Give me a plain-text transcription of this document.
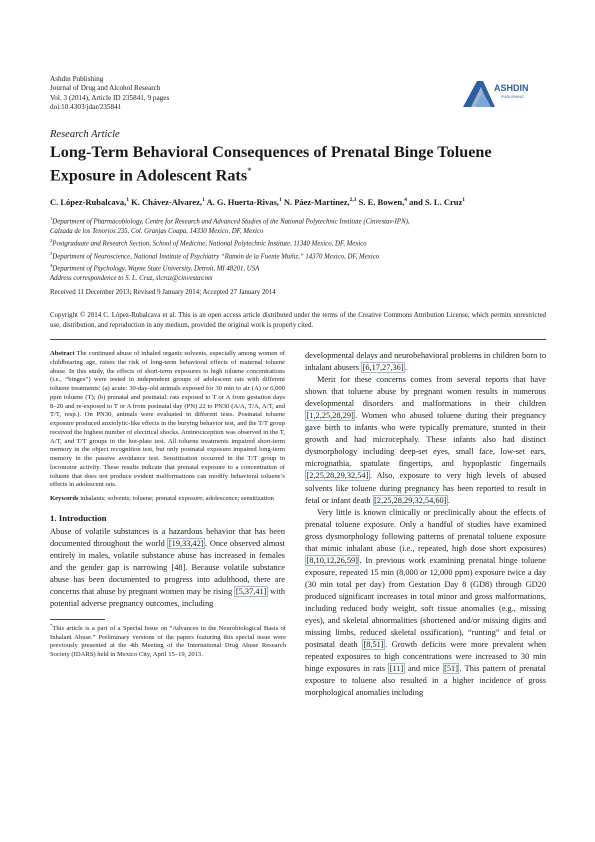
Ashdin Publishing
Journal of Drug and Alcohol Research
Vol. 3 (2014), Article ID 235841, 9 pages
doi:10.4303/jdar/235841
ASHDIN
PUBLISHING
Research Article
Long-Term Behavioral Consequences of Prenatal Binge Toluene Exposure in Adolescent Rats*
C. López-Rubalcava,$^1$ K. Chávez-Alvarez,$^1$ A. G. Huerta-Rivas,$^1$ N. Páez-Martínez,$^{2,3}$ S. E. Bowen,$^4$ and S. L. Cruz$^1$
$^1$Department of Pharmacobiology, Centre for Research and Advanced Studies of the National Polytechnic Institute (Cinvestav-IPN),
Calzada de los Tenorios 235, Col. Granjas Coapa, 14330 Mexico, DF, Mexico
$^2$Postgraduate and Research Section, School of Medicine, National Polytechnic Institute, 11340 Mexico, DF, Mexico
$^3$Department of Neuroscience, National Institute of Psychiatry “Ramón de la Fuente Muñiz,” 14370 Mexico, DF, Mexico
$^4$Department of Psychology, Wayne State University, Detroit, MI 48201, USA
Address correspondence to S. L. Cruz, slcruz@cinvestav.mx
Received 11 December 2013; Revised 9 January 2014; Accepted 27 January 2014
Copyright © 2014 C. López-Rubalcava et al. This is an open access article distributed under the terms of the Creative Commons Attribution License, which permits unrestricted use, distribution, and reproduction in any medium, provided the original work is properly cited.

Abstract The continued abuse of inhaled organic solvents, especially among women of childbearing age, raises the risk of long-term behavioral effects of maternal toluene abuse. In this study, the effects of short-term exposures to high toluene concentrations (i.e., “binges”) were tested in independent groups of adolescent rats with different toluene treatments: (a) acute: 30-day-old animals exposed for 30 min to air (A) or 6,000 ppm toluene (T); (b) prenatal and postnatal: rats exposed to T or A from gestation days 8–20 and re-exposed to T or A from postnatal day (PN) 22 to PN30 (A/A, T/A, A/T, and T/T, resp.). On PN30, animals were evaluated in different tests. Postnatal toluene exposure produced anxiolytic-like effects in the burying behavior test, and the T/T group received the highest number of electrical shocks. Antinociception was observed in the T, A/T, and T/T groups in the hot-plate test. All toluene treatments impaired short-term memory in the object recognition test, but only postnatal exposure impaired long-term memory in the passive avoidance test. Sensitization occurred in the T/T group in locomotor activity. These results indicate that prenatal exposure to a concentration of toluene that does not produce evident malformations can modify behavioral toluene’s effects in adolescent rats.

Keywords inhalants; solvents; toluene; prenatal exposure; adolescence; sensitization

1. Introduction

Abuse of volatile substances is a hazardous behavior that has been documented throughout the world [19,33,42] . Once observed almost entirely in males, volatile substance abuse has increased in females and the gender gap is narrowing [48]. Because volatile substance abuse has been documented to progress into adulthood, there are concerns that abuse by pregnant women may be rising [5,37,41] with potential adverse pregnancy outcomes, including

*This article is a part of a Special Issue on “Advances in the Neurobiological Basis of Inhalant Abuse.” Preliminary versions of the papers featuring this special issue were previously presented at the 4th Meeting of the International Drug Abuse Research Society (IDARS) held in Mexico City, April 15–19, 2013.

developmental delays and neurobehavioral problems in children born to inhalant abusers [6,17,27,36] .

Merit for these concerns comes from several reports that have shown that toluene abuse by pregnant women results in numerous developmental disorders and malformations in their children [1,2,25,28,29] . Women who abused toluene during their pregnancy gave birth to infants who were typically premature, stunted in their growth and had microcephaly. These infants also had distinct dysmorphology including deep-set eyes, small face, low-set ears, micrognathia, spatulate fingertips, and hypoplastic fingernails [2,25,28,29,32,54] . Also, exposure to very high levels of abused solvents like toluene during pregnancy has been reported to result in fetal or infant death [2,25,28,29,32,54,60] .

Very little is known clinically or preclinically about the effects of prenatal toluene exposure. Only a handful of studies have examined gross dysmorphology following patterns of prenatal toluene exposure that mimic inhalant abuse (i.e., repeated, high dose short exposures) [8,10,12,26,59] . In previous work examining prenatal binge toluene exposure, repeated 15 min (8,000 or 12,000 ppm) exposure twice a day (30 min total per day) from Gestation Day 8 (GD8) through GD20 produced significant increases in total minor and gross malformations, including reduced body weight, soft tissue anomalies (e.g., missing eyes), and skeletal abnormalities (shortened and/or missing digits and missing limbs, reduced skeletal ossification), “runting” and fetal or postnatal death [8,51] . Growth deficits were more prevalent when repeated exposures to high concentrations were increased to 30 min binge exposures in rats [11] and mice [51] . This pattern of prenatal exposure to toluene also resulted in a higher incidence of gross morphological anomalies including
